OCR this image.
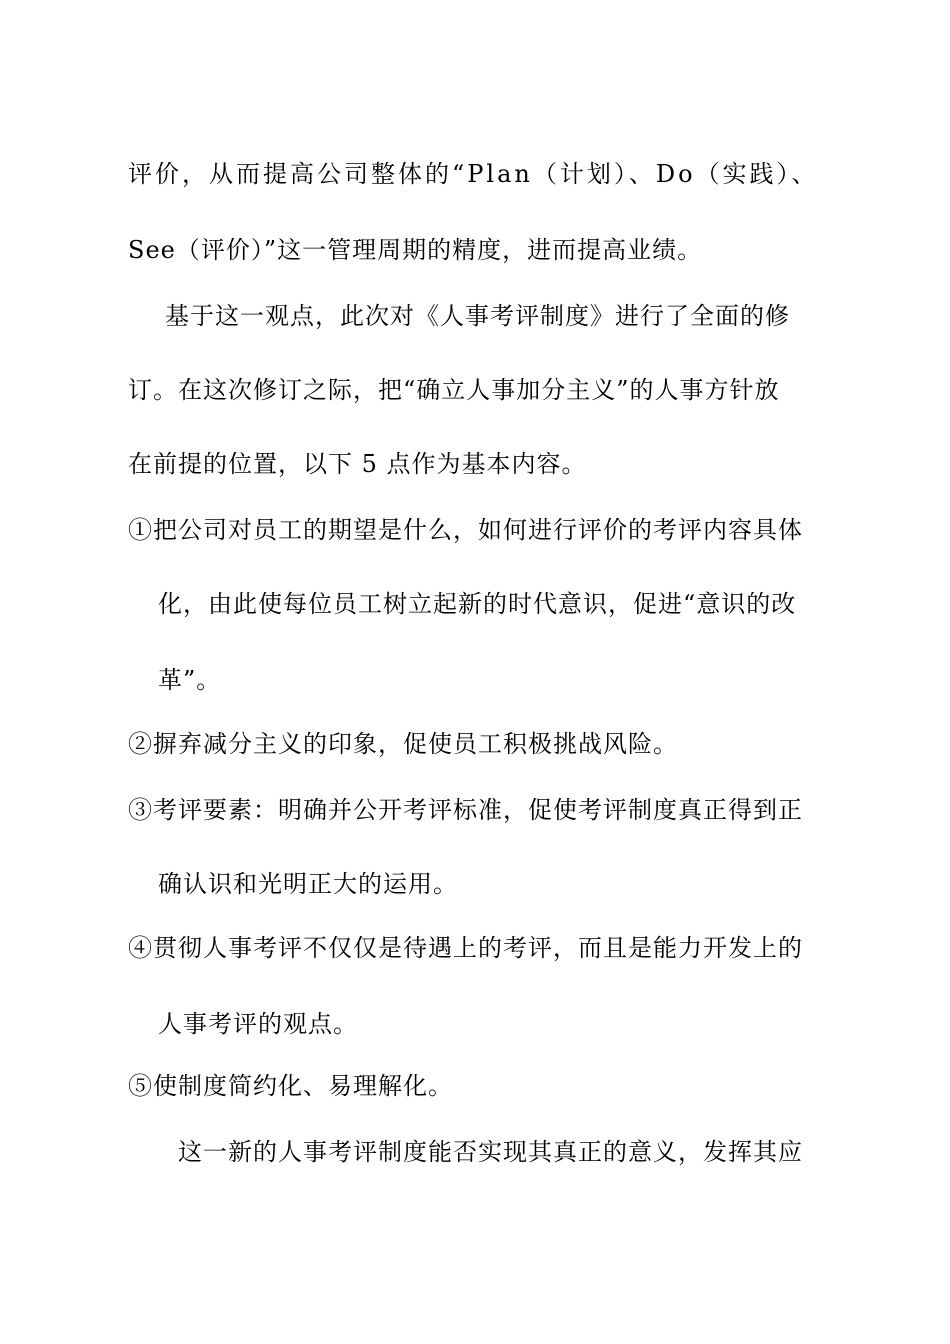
评价，从而提高公司整体的“Plan（计划）、Do（实践）、

See（评价）”这一管理周期的精度，进而提高业绩。

基于这一观点，此次对《人事考评制度》进行了全面的修

订。在这次修订之际，把“确立人事加分主义”的人事方针放

在前提的位置，以下 5 点作为基本内容。

①把公司对员工的期望是什么，如何进行评价的考评内容具体

化，由此使每位员工树立起新的时代意识，促进“意识的改

革”。

②摒弃减分主义的印象，促使员工积极挑战风险。

③考评要素：明确并公开考评标准，促使考评制度真正得到正

确认识和光明正大的运用。

④贯彻人事考评不仅仅是待遇上的考评，而且是能力开发上的

人事考评的观点。

⑤使制度简约化、易理解化。

这一新的人事考评制度能否实现其真正的意义，发挥其应
